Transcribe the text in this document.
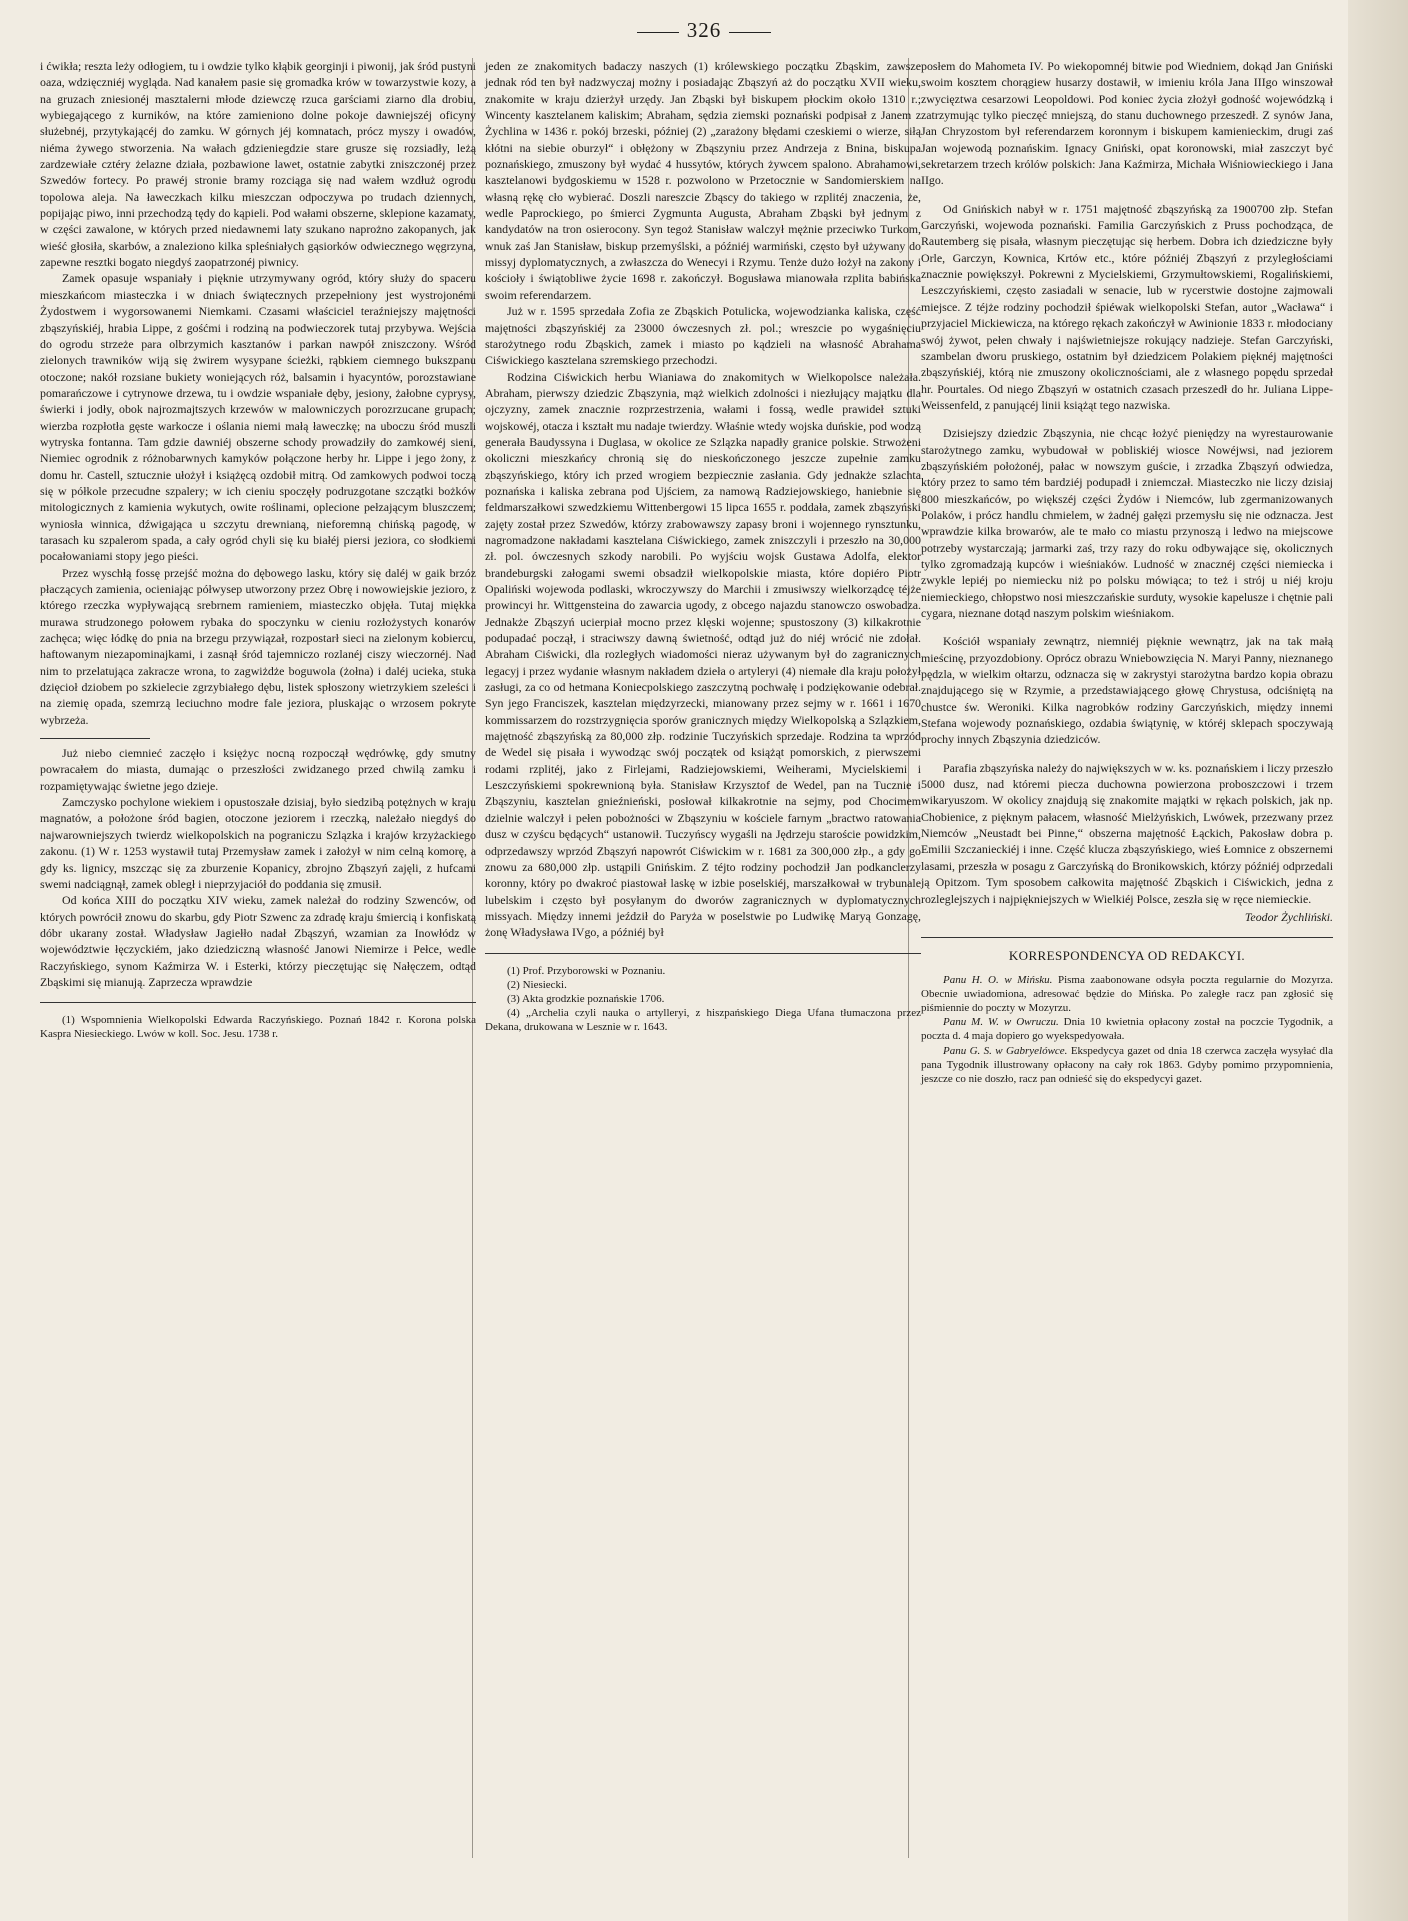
326

i ćwikła; reszta leży odłogiem, tu i owdzie tylko kłąbik georginji i piwonij, jak śród pustyni oaza, wdzięczniéj wygląda. Nad kanałem pasie się gromadka krów w towarzystwie kozy, a na gruzach zniesionéj masztalerni młode dziewczę rzuca garściami ziarno dla drobiu, wybiegającego z kurników, na które zamieniono dolne pokoje dawniejszéj oficyny służebnéj, przytykającéj do zamku. W górnych jéj komnatach, prócz myszy i owadów, niéma żywego stworzenia. Na wałach gdzieniegdzie stare grusze się rozsiadły, leżą zardzewiałe cztéry żelazne działa, pozbawione lawet, ostatnie zabytki zniszczonéj przez Szwedów fortecy. Po prawéj stronie bramy rozciąga się nad wałem wzdłuż ogrodu topolowa aleja. Na ławeczkach kilku mieszczan odpoczywa po trudach dziennych, popijając piwo, inni przechodzą tędy do kąpieli. Pod wałami obszerne, sklepione kazamaty, w części zawalone, w których przed niedawnemi laty szukano naprożno zakopanych, jak wieść głosiła, skarbów, a znaleziono kilka spleśniałych gąsiorków odwiecznego węgrzyna, zapewne resztki bogato niegdyś zaopatrzonéj piwnicy.

Zamek opasuje wspaniały i pięknie utrzymywany ogród, który służy do spaceru mieszkańcom miasteczka i w dniach świątecznych przepełniony jest wystrojonémi Żydostwem i wygorsowanemi Niemkami. Czasami właściciel teraźniejszy majętności zbąszyńskiéj, hrabia Lippe, z gośćmi i rodziną na podwieczorek tutaj przybywa. Wejścia do ogrodu strzeże para olbrzymich kasztanów i parkan nawpół zniszczony. Wśród zielonych trawników wiją się żwirem wysypane ścieżki, rąbkiem ciemnego bukszpanu otoczone; nakół rozsiane bukiety woniejących róż, balsamin i hyacyntów, porozstawiane pomarańczowe i cytrynowe drzewa, tu i owdzie wspaniałe dęby, jesiony, żałobne cyprysy, świerki i jodły, obok najrozmajtszych krzewów w malowniczych porozrzucane grupach; wierzba rozpłotła gęste warkocze i oślania niemi małą ławeczkę; na uboczu śród muszli wytryska fontanna. Tam gdzie dawniéj obszerne schody prowadziły do zamkowéj sieni, Niemiec ogrodnik z różnobarwnych kamyków połączone herby hr. Lippe i jego żony, z domu hr. Castell, sztucznie ułożył i książęcą ozdobił mitrą. Od zamkowych podwoi toczą się w półkole przecudne szpalery; w ich cieniu spoczęły podruzgotane szczątki bożków mitologicznych z kamienia wykutych, owite roślinami, oplecione pełzającym bluszczem; wyniosła winnica, dźwigająca u szczytu drewnianą, nieforemną chińską pagodę, w tarasach ku szpalerom spada, a cały ogród chyli się ku białéj piersi jeziora, co słodkiemi pocałowaniami stopy jego pieści.

Przez wyschłą fossę przejść można do dębowego lasku, który się daléj w gaik brzóz płaczących zamienia, ocieniając półwysep utworzony przez Obrę i nowowiejskie jezioro, z którego rzeczka wypływającą srebrnem ramieniem, miasteczko objęła. Tutaj miękka murawa strudzonego połowem rybaka do spoczynku w cieniu rozłożystych konarów zachęca; więc łódkę do pnia na brzegu przywiązał, rozpostarł sieci na zielonym kobiercu, haftowanym niezapominajkami, i zasnął śród tajemniczo rozlanéj ciszy wieczornéj. Nad nim to przelatująca zakracze wrona, to zagwiżdże boguwola (żołna) i daléj ucieka, stuka dzięcioł dziobem po szkielecie zgrzybiałego dębu, listek spłoszony wietrzykiem szeleści i na ziemię opada, szemrzą leciuchno modre fale jeziora, pluskając o wrzosem pokryte wybrzeża.

Już niebo ciemnieć zaczęło i księżyc nocną rozpoczął wędrówkę, gdy smutny powracałem do miasta, dumając o przeszłości zwidzanego przed chwilą zamku i rozpamiętywając świetne jego dzieje.

Zamczysko pochylone wiekiem i opustoszałe dzisiaj, było siedzibą potężnych w kraju magnatów, a położone śród bagien, otoczone jeziorem i rzeczką, należało niegdyś do najwarowniejszych twierdz wielkopolskich na pograniczu Szlązka i krajów krzyżackiego zakonu. (1) W r. 1253 wystawił tutaj Przemysław zamek i założył w nim celną komorę, a gdy ks. lignicy, mszcząc się za zburzenie Kopanicy, zbrojno Zbąszyń zajęli, z hufcami swemi nadciągnął, zamek obległ i nieprzyjaciół do poddania się zmusił.

Od końca XIII do początku XIV wieku, zamek należał do rodziny Szwenców, od których powrócił znowu do skarbu, gdy Piotr Szwenc za zdradę kraju śmiercią i konfiskatą dóbr ukarany został. Władysław Jagiełło nadał Zbąszyń, wzamian za Inowłódz w województwie łęczyckiém, jako dziedziczną własność Janowi Niemirze i Pełce, wedle Raczyńskiego, synom Kaźmirza W. i Esterki, którzy pieczętując się Nałęczem, odtąd Zbąskimi się mianują. Zaprzecza wprawdzie

(1) Wspomnienia Wielkopolski Edwarda Raczyńskiego. Poznań 1842 r. Korona polska Kaspra Niesieckiego. Lwów w koll. Soc. Jesu. 1738 r.

jeden ze znakomitych badaczy naszych (1) królewskiego początku Zbąskim, zawsze jednak ród ten był nadzwyczaj możny i posiadając Zbąszyń aż do początku XVII wieku, znakomite w kraju dzierżył urzędy. Jan Zbąski był biskupem płockim około 1310 r.; Wincenty kasztelanem kaliskim; Abraham, sędzia ziemski poznański podpisał z Janem z Żychlina w 1436 r. pokój brzeski, później (2) „zarażony błędami czeskiemi o wierze, siłą kłótni na siebie oburzył“ i obłężony w Zbąszyniu przez Andrzeja z Bnina, biskupa poznańskiego, zmuszony był wydać 4 hussytów, których żywcem spalono. Abrahamowi, kasztelanowi bydgoskiemu w 1528 r. pozwolono w Przetocznie w Sandomierskiem na własną rękę cło wybierać. Doszli nareszcie Zbąscy do takiego w rzplitéj znaczenia, że, wedle Paprockiego, po śmierci Zygmunta Augusta, Abraham Zbąski był jednym z kandydatów na tron osierocony. Syn tegoż Stanisław walczył mężnie przeciwko Turkom, wnuk zaś Jan Stanisław, biskup przemyślski, a późniéj warmiński, często był używany do missyj dyplomatycznych, a zwłaszcza do Wenecyi i Rzymu. Tenże dużo łożył na zakony i kościoły i świątobliwe życie 1698 r. zakończył. Bogusława mianowała rzplita babińska swoim referendarzem.

Już w r. 1595 sprzedała Zofia ze Zbąskich Potulicka, wojewodzianka kaliska, część majętności zbąszyńskiéj za 23000 ówczesnych zł. pol.; wreszcie po wygaśnięciu starożytnego rodu Zbąskich, zamek i miasto po kądzieli na własność Abrahama Ciświckiego kasztelana szremskiego przechodzi.

Rodzina Ciświckich herbu Wianiawa do znakomitych w Wielkopolsce należała. Abraham, pierwszy dziedzic Zbąszynia, mąż wielkich zdolności i niezłujący majątku dla ojczyzny, zamek znacznie rozprzestrzenia, wałami i fossą, wedle prawideł sztuki wojskowéj, otacza i kształt mu nadaje twierdzy. Właśnie wtedy wojska duńskie, pod wodzą generała Baudyssyna i Duglasa, w okolice ze Szlązka napadły granice polskie. Strwożeni okoliczni mieszkańcy chronią się do nieskończonego jeszcze zupełnie zamku zbąszyńskiego, który ich przed wrogiem bezpiecznie zasłania. Gdy jednakże szlachta poznańska i kaliska zebrana pod Ujściem, za namową Radziejowskiego, haniebnie się feldmarszałkowi szwedzkiemu Wittenbergowi 15 lipca 1655 r. poddała, zamek zbąszyński zajęty został przez Szwedów, którzy zrabowawszy zapasy broni i wojennego rynsztunku, nagromadzone nakładami kasztelana Ciświckiego, zamek zniszczyli i przeszło na 30,000 zł. pol. ówczesnych szkody narobili. Po wyjściu wojsk Gustawa Adolfa, elektor brandeburgski załogami swemi obsadził wielkopolskie miasta, które dopiéro Piotr Opaliński wojewoda podlaski, wkroczywszy do Marchii i zmusiwszy wielkorządcę téjże prowincyi hr. Wittgensteina do zawarcia ugody, z obcego najazdu stanowczo oswobadza. Jednakże Zbąszyń ucierpiał mocno przez klęski wojenne; spustoszony (3) kilkakrotnie podupadać począł, i straciwszy dawną świetność, odtąd już do niéj wrócić nie zdołał. Abraham Ciświcki, dla rozległych wiadomości nieraz używanym był do zagranicznych legacyj i przez wydanie własnym nakładem dzieła o artyleryi (4) niemałe dla kraju położył zasługi, za co od hetmana Koniecpolskiego zaszczytną pochwałę i podziękowanie odebrał. Syn jego Franciszek, kasztelan międzyrzecki, mianowany przez sejmy w r. 1661 i 1670 kommissarzem do rozstrzygnięcia sporów granicznych między Wielkopolską a Szlązkiem, majętność zbąszyńską za 80,000 złp. rodzinie Tuczyńskich sprzedaje. Rodzina ta wprzód de Wedel się pisała i wywodząc swój początek od książąt pomorskich, z pierwszemi rodami rzplitéj, jako z Firlejami, Radziejowskiemi, Weiherami, Mycielskiemi i Leszczyńskiemi spokrewnioną była. Stanisław Krzysztof de Wedel, pan na Tucznie i Zbąszyniu, kasztelan gnieźnieński, posłował kilkakrotnie na sejmy, pod Chocimem dzielnie walczył i pełen pobożności w Zbąszyniu w kościele farnym „bractwo ratowania dusz w czyścu będących“ ustanowił. Tuczyńscy wygaśli na Jędrzeju staroście powidzkim, odprzedawszy wprzód Zbąszyń napowrót Ciświckim w r. 1681 za 300,000 złp., a gdy go znowu za 680,000 złp. ustąpili Gnińskim. Z téjto rodziny pochodził Jan podkanclerzy koronny, który po dwakroć piastował laskę w izbie poselskiéj, marszałkował w trybunale lubelskim i często był posyłanym do dworów zagranicznych w dyplomatycznych missyach. Między innemi jeździł do Paryża w poselstwie po Ludwikę Maryą Gonzagę, żonę Władysława IVgo, a późniéj był

(1) Prof. Przyborowski w Poznaniu.

(2) Niesiecki.

(3) Akta grodzkie poznańskie 1706.

(4) „Archelia czyli nauka o artylleryi, z hiszpańskiego Diega Ufana tłumaczona przez Dekana, drukowana w Lesznie w r. 1643.

posłem do Mahometa IV. Po wiekopomnéj bitwie pod Wiedniem, dokąd Jan Gniński swoim kosztem chorągiew husarzy dostawił, w imieniu króla Jana IIIgo winszował zwycięztwa cesarzowi Leopoldowi. Pod koniec życia złożył godność wojewódzką i zatrzymując tylko pieczęć mniejszą, do stanu duchownego przeszedł. Z synów Jana, Jan Chryzostom był referendarzem koronnym i biskupem kamienieckim, drugi zaś Jan wojewodą poznańskim. Ignacy Gniński, opat koronowski, miał zaszczyt być sekretarzem trzech królów polskich: Jana Kaźmirza, Michała Wiśniowieckiego i Jana IIgo.

Od Gnińskich nabył w r. 1751 majętność zbąszyńską za 1900700 złp. Stefan Garczyński, wojewoda poznański. Familia Garczyńskich z Pruss pochodząca, de Rautemberg się pisała, własnym pieczętując się herbem. Dobra ich dziedziczne były Orle, Garczyn, Kownica, Krtów etc., które późniéj Zbąszyń z przyległościami znacznie powiększył. Pokrewni z Mycielskiemi, Grzymułtowskiemi, Rogalińskiemi, Leszczyńskiemi, często zasiadali w senacie, lub w rycerstwie dostojne zajmowali miejsce. Z téjże rodziny pochodził śpiéwak wielkopolski Stefan, autor „Wacława“ i przyjaciel Mickiewicza, na którego rękach zakończył w Awinionie 1833 r. młodociany swój żywot, pełen chwały i najświetniejsze rokujący nadzieje. Stefan Garczyński, szambelan dworu pruskiego, ostatnim był dziedzicem Polakiem pięknéj majętności zbąszyńskiéj, którą nie zmuszony okolicznościami, ale z własnego popędu sprzedał hr. Pourtales. Od niego Zbąszyń w ostatnich czasach przeszedł do hr. Juliana Lippe-Weissenfeld, z panującéj linii książąt tego nazwiska.

Dzisiejszy dziedzic Zbąszynia, nie chcąc łożyć pieniędzy na wyrestaurowanie starożytnego zamku, wybudował w pobliskiéj wiosce Nowéjwsi, nad jeziorem zbąszyńskiém położonéj, pałac w nowszym guście, i zrzadka Zbąszyń odwiedza, który przez to samo tém bardziéj podupadł i zniemczał. Miasteczko nie liczy dzisiaj 800 mieszkańców, po większéj części Żydów i Niemców, lub zgermanizowanych Polaków, i prócz handlu chmielem, w żadnéj gałęzi przemysłu się nie odznacza. Jest wprawdzie kilka browarów, ale te mało co miastu przynoszą i ledwo na miejscowe potrzeby wystarczają; jarmarki zaś, trzy razy do roku odbywające się, okolicznych tylko zgromadzają kupców i wieśniaków. Ludność w znacznéj części niemiecka i zwykle lepiéj po niemiecku niż po polsku mówiąca; to też i strój u niéj kroju niemieckiego, chłopstwo nosi mieszczańskie surduty, wysokie kapelusze i chętnie pali cygara, nieznane dotąd naszym polskim wieśniakom.

Kościół wspaniały zewnątrz, niemniéj pięknie wewnątrz, jak na tak małą mieścinę, przyozdobiony. Oprócz obrazu Wniebowzięcia N. Maryi Panny, nieznanego pędzla, w wielkim ołtarzu, odznacza się w zakrystyi starożytna bardzo kopia obrazu znajdującego się w Rzymie, a przedstawiającego głowę Chrystusa, odciśniętą na chustce św. Weroniki. Kilka nagrobków rodziny Garczyńskich, między innemi Stefana wojewody poznańskiego, ozdabia świątynię, w któréj sklepach spoczywają prochy innych Zbąszynia dziedziców.

Parafia zbąszyńska należy do największych w w. ks. poznańskiem i liczy przeszło 5000 dusz, nad któremi piecza duchowna powierzona proboszczowi i trzem wikaryuszom. W okolicy znajdują się znakomite majątki w rękach polskich, jak np. Chobienice, z pięknym pałacem, własność Mielżyńskich, Lwówek, przezwany przez Niemców „Neustadt bei Pinne,“ obszerna majętność Łąckich, Pakosław dobra p. Emilii Szczanieckiéj i inne. Część klucza zbąszyńskiego, wieś Łomnice z obszernemi lasami, przeszła w posagu z Garczyńską do Bronikowskich, którzy późniéj odprzedali ją Opitzom. Tym sposobem całkowita majętność Zbąskich i Ciświckich, jedna z rozleglejszych i najpiękniejszych w Wielkiéj Polsce, zeszła się w ręce niemieckie.

Teodor Żychliński.
KORRESPONDENCYA OD REDAKCYI.

Panu H. O. w Mińsku. Pisma zaabonowane odsyła poczta regularnie do Mozyrza. Obecnie uwiadomiona, adresować będzie do Mińska. Po zaległe racz pan zgłosić się piśmiennie do poczty w Mozyrzu.

Panu M. W. w Owruczu. Dnia 10 kwietnia opłacony został na poczcie Tygodnik, a poczta d. 4 maja dopiero go wyekspedyowała.

Panu G. S. w Gabryelówce. Ekspedycya gazet od dnia 18 czerwca zaczęła wysyłać dla pana Tygodnik illustrowany opłacony na cały rok 1863. Gdyby pomimo przypomnienia, jeszcze co nie doszło, racz pan odnieść się do ekspedycyi gazet.
